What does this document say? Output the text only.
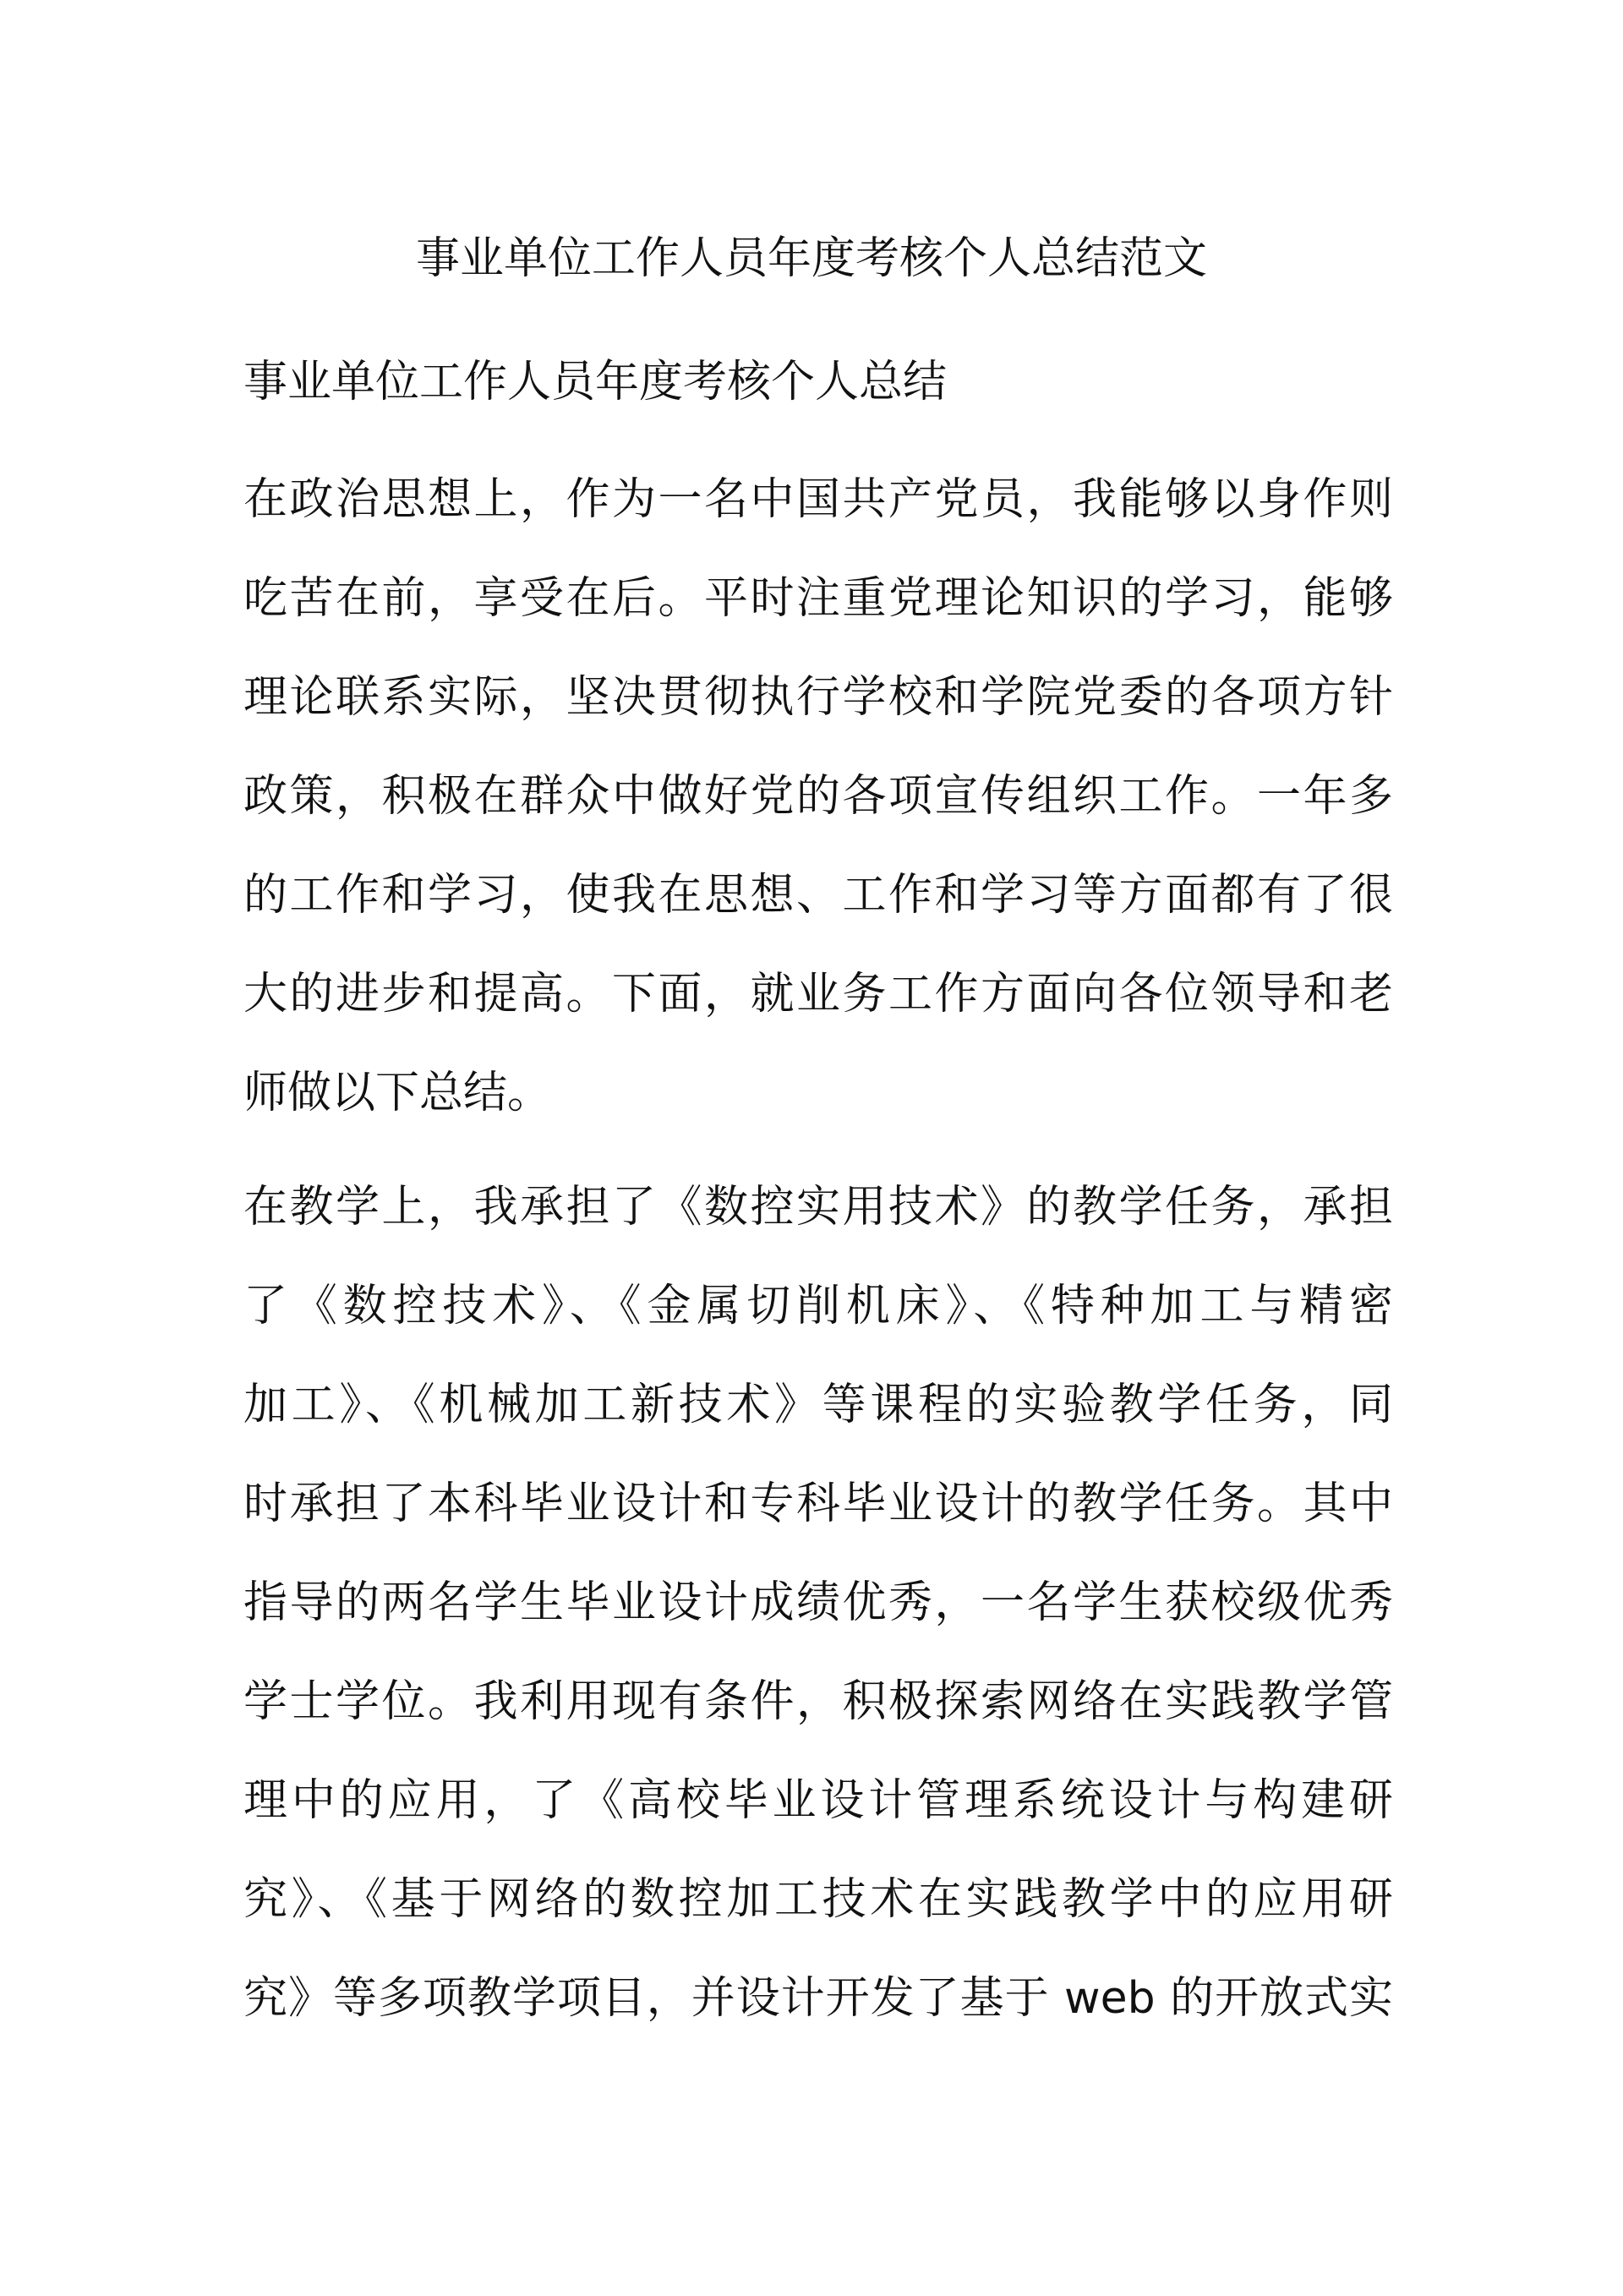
事业单位工作人员年度考核个人总结范文
事业单位工作人员年度考核个人总结
在政治思想上，作为一名中国共产党员，我能够以身作则
吃苦在前，享受在后。平时注重党理论知识的学习，能够
理论联系实际，坚决贯彻执行学校和学院党委的各项方针
政策，积极在群众中做好党的各项宣传组织工作。一年多
的工作和学习，使我在思想、工作和学习等方面都有了很
大的进步和提高。下面，就业务工作方面向各位领导和老
师做以下总结。
在教学上，我承担了《数控实用技术》的教学任务，承担
了《数控技术》、《金属切削机床》、《特种加工与精密
加工》、《机械加工新技术》等课程的实验教学任务，同
时承担了本科毕业设计和专科毕业设计的教学任务。其中
指导的两名学生毕业设计成绩优秀，一名学生获校级优秀
学士学位。我利用现有条件，积极探索网络在实践教学管
理中的应用，了《高校毕业设计管理系统设计与构建研
究》、《基于网络的数控加工技术在实践教学中的应用研
究》等多项教学项目，并设计开发了基于 web 的开放式实
